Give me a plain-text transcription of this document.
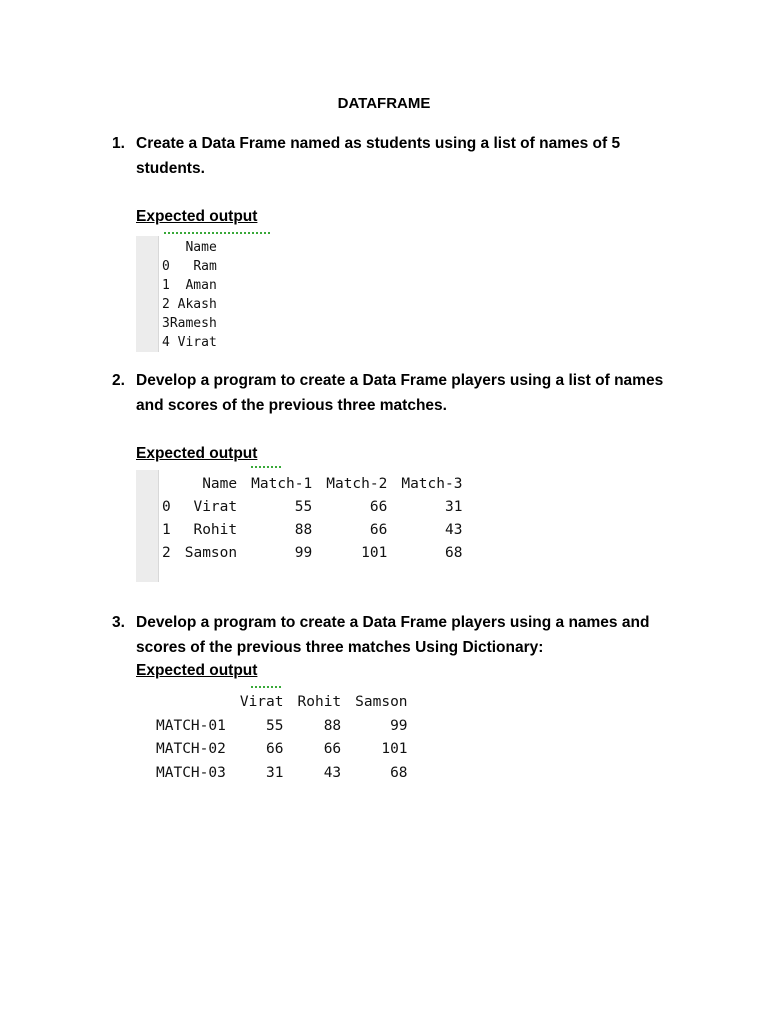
DATAFRAME
1. Create a Data Frame named as students using a list of names of 5 students.
Expected output
	Name
0	Ram
1	Aman
2	Akash
3	Ramesh
4	Virat
2. Develop a program to create a Data Frame players using a list of names and scores of the previous three matches.
Expected output
	Name	Match-1	Match-2	Match-3
0	Virat	55	66	31
1	Rohit	88	66	43
2	Samson	99	101	68
3. Develop a program to create a Data Frame players using a names and scores of the previous three matches Using Dictionary:
Expected output
	Virat	Rohit	Samson
MATCH-01	55	88	99
MATCH-02	66	66	101
MATCH-03	31	43	68
